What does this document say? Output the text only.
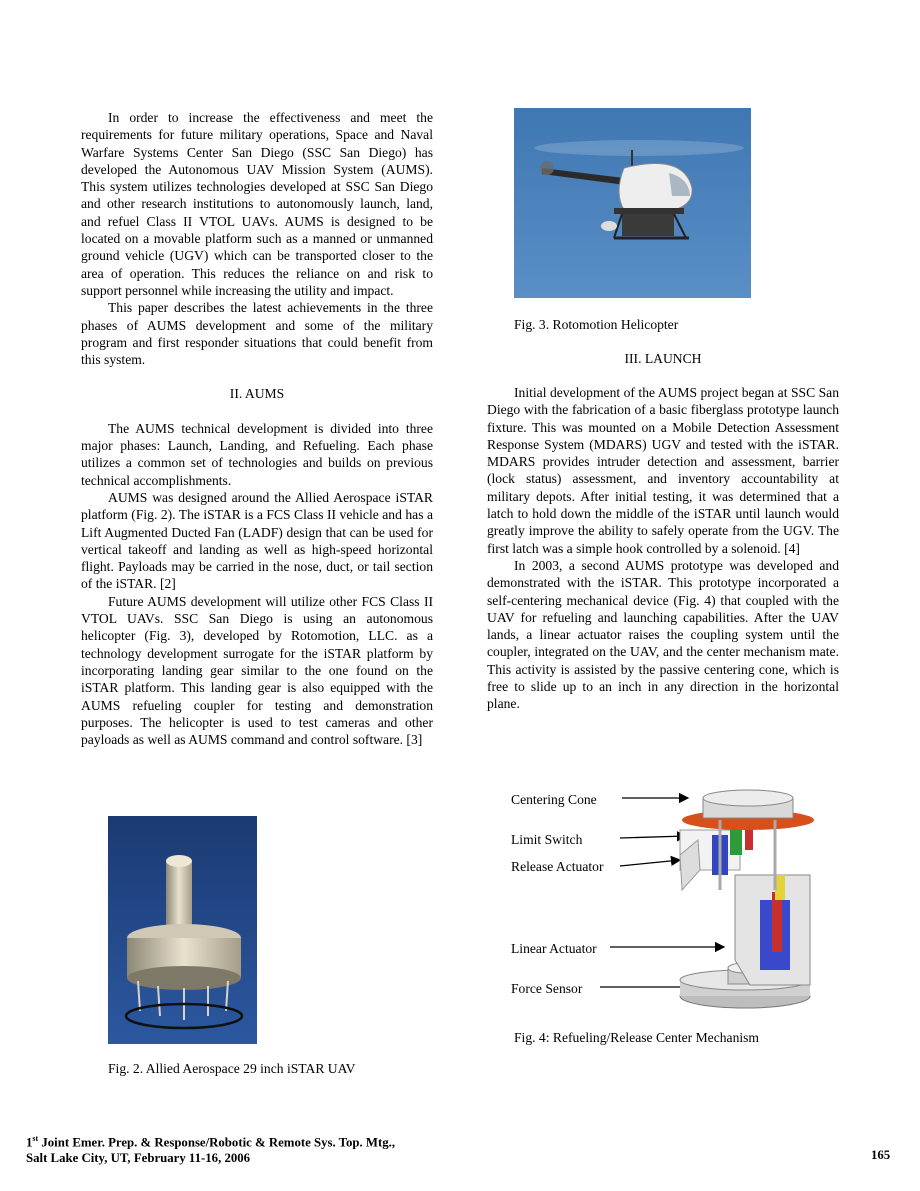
In order to increase the effectiveness and meet the requirements for future military operations, Space and Naval Warfare Systems Center San Diego (SSC San Diego) has developed the Autonomous UAV Mission System (AUMS). This system utilizes technologies developed at SSC San Diego and other research institutions to autonomously launch, land, and refuel Class II VTOL UAVs. AUMS is designed to be located on a movable platform such as a manned or unmanned ground vehicle (UGV) which can be transported closer to the area of operation. This reduces the reliance on and risk to support personnel while increasing the utility and impact.

This paper describes the latest achievements in the three phases of AUMS development and some of the military program and first responder situations that could benefit from this system.

II. AUMS

The AUMS technical development is divided into three major phases: Launch, Landing, and Refueling. Each phase utilizes a common set of technologies and builds on previous technical accomplishments.

AUMS was designed around the Allied Aerospace iSTAR platform (Fig. 2). The iSTAR is a FCS Class II vehicle and has a Lift Augmented Ducted Fan (LADF) design that can be used for vertical takeoff and landing as well as high-speed horizontal flight. Payloads may be carried in the nose, duct, or tail section of the iSTAR. [2]

Future AUMS development will utilize other FCS Class II VTOL UAVs. SSC San Diego is using an autonomous helicopter (Fig. 3), developed by Rotomotion, LLC. as a technology development surrogate for the iSTAR platform by incorporating landing gear similar to the one found on the iSTAR platform. This landing gear is also equipped with the AUMS refueling coupler for testing and demonstration purposes. The helicopter is used to test cameras and other payloads as well as AUMS command and control software. [3]

Fig. 3. Rotomotion Helicopter
III. LAUNCH

Initial development of the AUMS project began at SSC San Diego with the fabrication of a basic fiberglass prototype launch fixture. This was mounted on a Mobile Detection Assessment Response System (MDARS) UGV and tested with the iSTAR. MDARS provides intruder detection and assessment, barrier (lock status) assessment, and inventory accountability at military depots. After initial testing, it was determined that a latch to hold down the middle of the iSTAR until launch would greatly improve the ability to safely operate from the UGV. The first latch was a simple hook controlled by a solenoid. [4]

In 2003, a second AUMS prototype was developed and demonstrated with the iSTAR. This prototype incorporated a self-centering mechanical device (Fig. 4) that coupled with the UAV for refueling and launching capabilities. After the UAV lands, a linear actuator raises the coupling system until the coupler, integrated on the UAV, and the center mechanism mate. This activity is assisted by the passive centering cone, which is free to slide up to an inch in any direction in the horizontal plane.

Centering Cone
Limit Switch
Release Actuator
Linear Actuator
Force Sensor
Fig. 4: Refueling/Release Center Mechanism
Fig. 2. Allied Aerospace 29 inch iSTAR UAV
1st Joint Emer. Prep. & Response/Robotic & Remote Sys. Top. Mtg.,
Salt Lake City, UT, February 11-16, 2006	165
